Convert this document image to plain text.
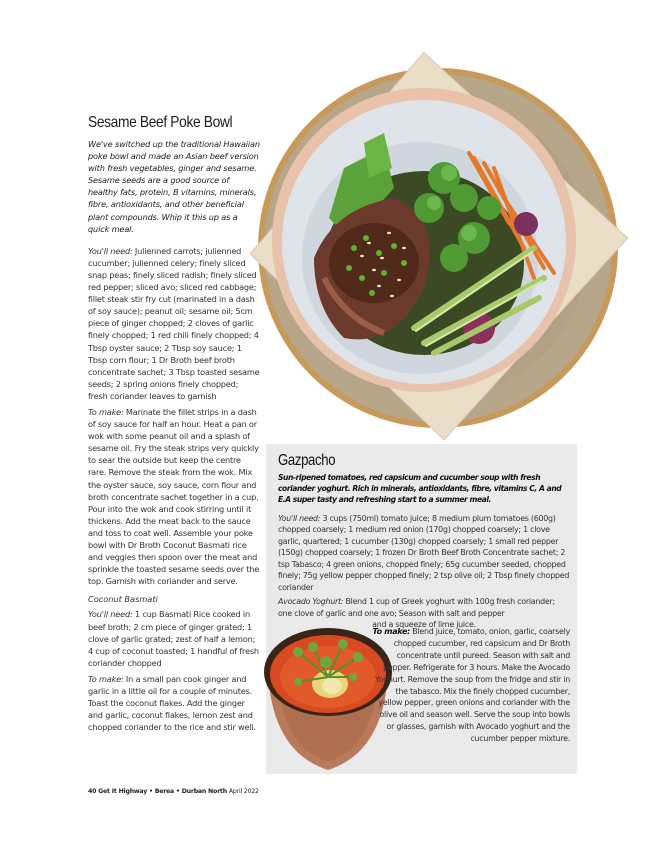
Sesame Beef Poke Bowl

We've switched up the traditional Hawaiian poke bowl and made an Asian beef version with fresh vegetables, ginger and sesame. Sesame seeds are a good source of healthy fats, protein, B vitamins, minerals, fibre, antioxidants, and other beneficial plant compounds. Whip it this up as a quick meal.

You'll need: Julienned carrots; julienned cucumber; julienned celery; finely sliced snap peas; finely sliced radish; finely sliced red pepper; sliced avo; sliced red cabbage; fillet steak stir fry cut (marinated in a dash of soy sauce); peanut oil; sesame oil; 5cm piece of ginger chopped; 2 cloves of garlic finely chopped; 1 red chili finely chopped; 4 Tbsp oyster sauce; 2 Tbsp soy sauce; 1 Tbsp corn flour; 1 Dr Broth beef broth concentrate sachet; 3 Tbsp toasted sesame seeds; 2 spring onions finely chopped; fresh coriander leaves to garnish

To make: Marinate the fillet strips in a dash of soy sauce for half an hour. Heat a pan or wok with some peanut oil and a splash of sesame oil. Fry the steak strips very quickly to sear the outside but keep the centre rare. Remove the steak from the wok. Mix the oyster sauce, soy sauce, corn flour and broth concentrate sachet together in a cup. Pour into the wok and cook stirring until it thickens. Add the meat back to the sauce and toss to coat well. Assemble your poke bowl with Dr Broth Coconut Basmati rice and veggies then spoon over the meat and sprinkle the toasted sesame seeds over the top. Garnish with coriander and serve.

Coconut Basmati

You'll need: 1 cup Basmati Rice cooked in beef broth; 2 cm piece of ginger grated; 1 clove of garlic grated; zest of half a lemon; 4 cup of coconut toasted; 1 handful of fresh coriander chopped

To make: In a small pan cook ginger and garlic in a little oil for a couple of minutes. Toast the coconut flakes. Add the ginger and garlic, coconut flakes, lemon zest and chopped coriander to the rice and stir well.

Gazpacho

Sun-ripened tomatoes, red capsicum and cucumber soup with fresh coriander yoghurt. Rich in minerals, antioxidants, fibre, vitamins C, A and E.A super tasty and refreshing start to a summer meal.

You'll need: 3 cups (750ml) tomato juice; 8 medium plum tomatoes (600g) chopped coarsely; 1 medium red onion (170g) chopped coarsely; 1 clove garlic, quartered; 1 cucumber (130g) chopped coarsely; 1 small red pepper (150g) chopped coarsely; 1 frozen Dr Broth Beef Broth Concentrate sachet; 2 tsp Tabasco; 4 green onions, chopped finely; 65g cucumber seeded, chopped finely; 75g yellow pepper chopped finely; 2 tsp olive oil; 2 Tbsp finely chopped coriander

Avocado Yoghurt: Blend 1 cup of Greek yoghurt with 100g fresh coriander; one clove of garlic and one avo; Season with salt and pepper

and a squeeze of lime juice.

To make: Blend juice, tomato, onion, garlic, coarsely chopped cucumber, red capsicum and Dr Broth concentrate until pureed. Season with salt and pepper. Refrigerate for 3 hours. Make the Avocado Yoghurt. Remove the soup from the fridge and stir in the tabasco. Mix the finely chopped cucumber, yellow pepper, green onions and coriander with the olive oil and season well. Serve the soup into bowls or glasses, garnish with Avocado yoghurt and the cucumber pepper mixture.
40 Get It Highway • Berea • Durban North April 2022
